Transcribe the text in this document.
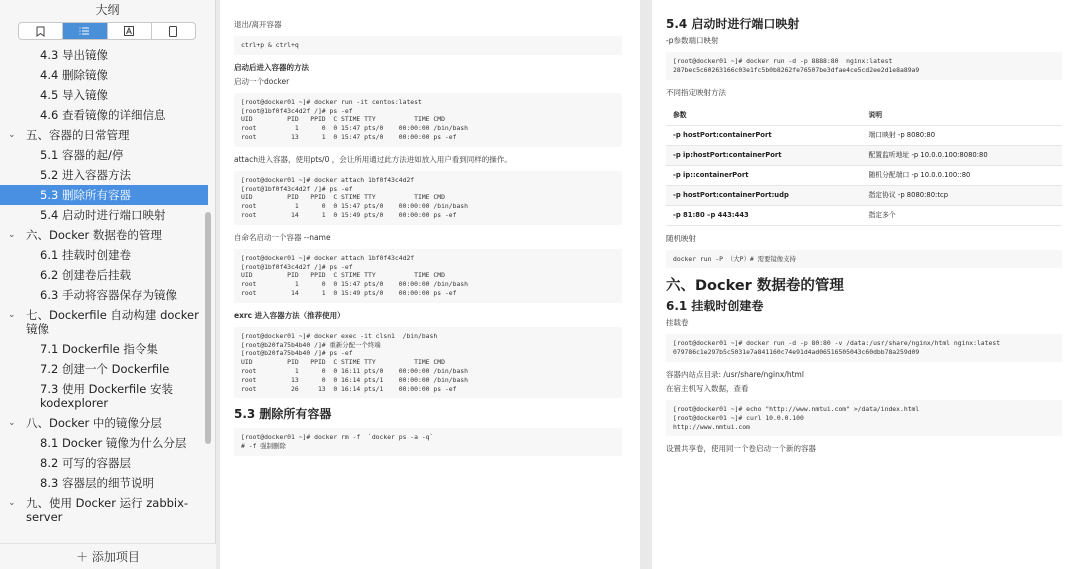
大纲
4.3 导出镜像
4.4 删除镜像
4.5 导入镜像
4.6 查看镜像的详细信息
⌄ 五、容器的日常管理
5.1 容器的起/停
5.2 进入容器方法
5.3 删除所有容器
5.4 启动时进行端口映射
⌄ 六、Docker 数据卷的管理
6.1 挂载时创建卷
6.2 创建卷后挂载
6.3 手动将容器保存为镜像
⌄ 七、Dockerfile 自动构建 docker 镜像
7.1 Dockerfile 指令集
7.2 创建一个 Dockerfile
7.3 使用 Dockerfile 安装 kodexplorer
⌄ 八、Docker 中的镜像分层
8.1 Docker 镜像为什么分层
8.2 可写的容器层
8.3 容器层的细节说明
⌄ 九、使用 Docker 运行 zabbix-server
＋ 添加项目
退出/离开容器
ctrl+p & ctrl+q
启动后进入容器的方法
启动一个docker
[root@docker01 ~]# docker run -it centos:latest
[root@1bf0f43c4d2f /]# ps -ef
UID         PID   PPID  C STIME TTY          TIME CMD
root          1      0  0 15:47 pts/0    00:00:00 /bin/bash
root         13      1  0 15:47 pts/0    00:00:00 ps -ef
attach进入容器，使用pts/0 ，会让所用通过此方法进如放入用户看到同样的操作。
[root@docker01 ~]# docker attach 1bf0f43c4d2f
[root@1bf0f43c4d2f /]# ps -ef
UID         PID   PPID  C STIME TTY          TIME CMD
root          1      0  0 15:47 pts/0    00:00:00 /bin/bash
root         14      1  0 15:49 pts/0    00:00:00 ps -ef
自命名启动一个容器 --name
[root@docker01 ~]# docker attach 1bf0f43c4d2f
[root@1bf0f43c4d2f /]# ps -ef
UID         PID   PPID  C STIME TTY          TIME CMD
root          1      0  0 15:47 pts/0    00:00:00 /bin/bash
root         14      1  0 15:49 pts/0    00:00:00 ps -ef
exrc 进入容器方法（推荐使用）
[root@docker01 ~]# docker exec -it clsn1  /bin/bash
[root@b20fa75b4b40 /]# 重新分配一个终端
[root@b20fa75b4b40 /]# ps -ef
UID         PID   PPID  C STIME TTY          TIME CMD
root          1      0  0 16:11 pts/0    00:00:00 /bin/bash
root         13      0  0 16:14 pts/1    00:00:00 /bin/bash
root         26     13  0 16:14 pts/1    00:00:00 ps -ef
5.3 删除所有容器
[root@docker01 ~]# docker rm -f  `docker ps -a -q`
# -f 强制删除
5.4 启动时进行端口映射
-p参数端口映射
[root@docker01 ~]# docker run -d -p 8888:80  nginx:latest
287bec5c60263166c03e1fc5b0b8262fe76507be3dfae4ce5cd2ee2d1e8a89a9
不同指定映射方法
参数	说明
-p hostPort:containerPort	端口映射 -p 8080:80
-p ip:hostPort:containerPort	配置监听地址 -p 10.0.0.100:8080:80
-p ip::containerPort	随机分配端口 -p 10.0.0.100::80
-p hostPort:containerPort:udp	指定协议 -p 8080:80:tcp
-p 81:80 –p 443:443	指定多个
随机映射
docker run -P （大P）# 需要镜像支持
六、Docker 数据卷的管理
6.1 挂载时创建卷
挂载卷
[root@docker01 ~]# docker run -d -p 80:80 -v /data:/usr/share/nginx/html nginx:latest
079786c1e297b5c5031e7a841160c74e91d4ad06516505043c60dbb78a259d09
容器内站点目录: /usr/share/nginx/html
在宿主机写入数据，查看
[root@docker01 ~]# echo "http://www.nmtui.com" >/data/index.html
[root@docker01 ~]# curl 10.0.0.100
http://www.nmtui.com
设置共享卷，使用同一个卷启动一个新的容器
